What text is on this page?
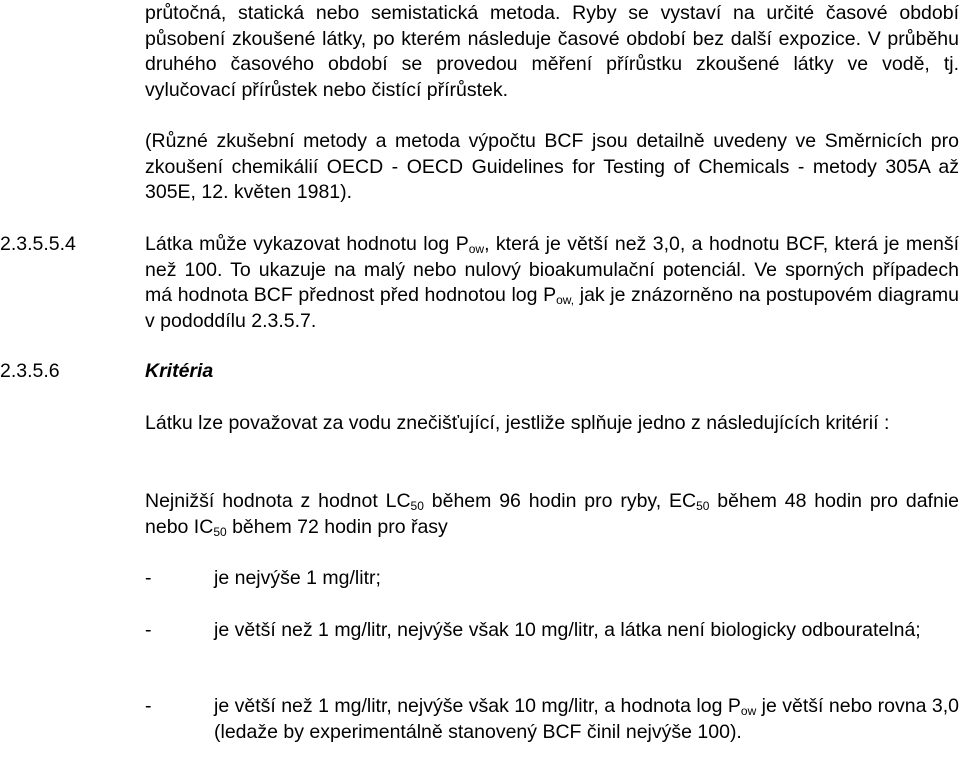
průtočná, statická nebo semistatická metoda. Ryby se vystaví na určité časové období působení zkoušené látky, po kterém následuje časové období bez další expozice. V průběhu druhého časového období se provedou měření přírůstku zkoušené látky ve vodě, tj. vylučovací přírůstek nebo čistící přírůstek.

(Různé zkušební metody a metoda výpočtu BCF jsou detailně uvedeny ve Směrnicích pro zkoušení chemikálií OECD - OECD Guidelines for Testing of Chemicals - metody 305A až 305E, 12. květen 1981).

2.3.5.5.4	Látka může vykazovat hodnotu $\log P_{ow}$, která je větší než 3,0, a hodnotu BCF, která je menší než 100. To ukazuje na malý nebo nulový bioakumulační potenciál. Ve sporných případech má hodnota BCF přednost před hodnotou $\log P_{ow,}$ jak je znázorněno na postupovém diagramu v pododdílu 2.3.5.7.

2.3.5.6	Kritéria

Látku lze považovat za vodu znečišťující, jestliže splňuje jedno z následujících kritérií :

Nejnižší hodnota z hodnot $LC_{50}$ během 96 hodin pro ryby, $EC_{50}$ během 48 hodin pro dafnie nebo $IC_{50}$ během 72 hodin pro řasy

-	je nejvýše 1 mg/litr;

-	je větší než 1 mg/litr, nejvýše však 10 mg/litr, a látka není biologicky odbouratelná;

-	je větší než 1 mg/litr, nejvýše však 10 mg/litr, a hodnota $\log P_{ow}$ je větší nebo rovna 3,0 (ledaže by experimentálně stanovený BCF činil nejvýše 100).
